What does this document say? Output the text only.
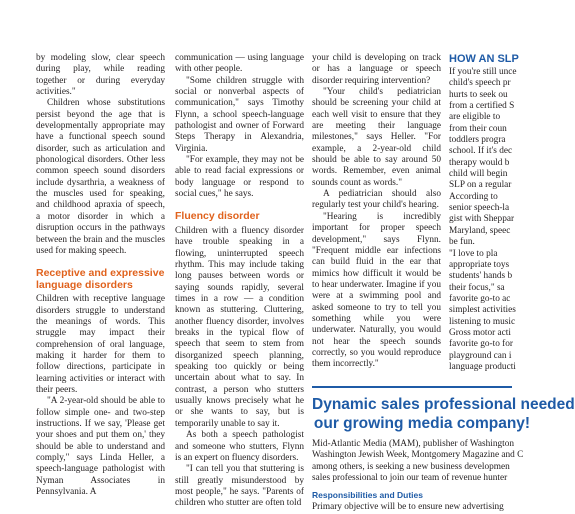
by modeling slow, clear speech during play, while reading together or during everyday activities."

Children whose substitutions persist beyond the age that is developmentally appropriate may have a functional speech sound disorder, such as articulation and phonological disorders. Other less common speech sound disorders include dysarthria, a weakness of the muscles used for speaking, and childhood apraxia of speech, a motor disorder in which a disruption occurs in the pathways between the brain and the muscles used for making speech.

Receptive and expressive language disorders

Children with receptive language disorders struggle to understand the meanings of words. This struggle may impact their comprehension of oral language, making it harder for them to follow directions, participate in learning activities or interact with their peers.

"A 2-year-old should be able to follow simple one- and two-step instructions. If we say, 'Please get your shoes and put them on,' they should be able to understand and comply," says Linda Heller, a speech-language pathologist with Nyman Associates in Pennsylvania. A

communication — using language with other people.

"Some children struggle with social or nonverbal aspects of communication," says Timothy Flynn, a school speech-language pathologist and owner of Forward Steps Therapy in Alexandria, Virginia.

"For example, they may not be able to read facial expressions or body language or respond to social cues," he says.

Fluency disorder

Children with a fluency disorder have trouble speaking in a flowing, uninterrupted speech rhythm. This may include taking long pauses between words or saying sounds rapidly, several times in a row — a condition known as stuttering. Cluttering, another fluency disorder, involves breaks in the typical flow of speech that seem to stem from disorganized speech planning, speaking too quickly or being uncertain about what to say. In contrast, a person who stutters usually knows precisely what he or she wants to say, but is temporarily unable to say it.

As both a speech pathologist and someone who stutters, Flynn is an expert on fluency disorders.

"I can tell you that stuttering is still greatly misunderstood by most people," he says. "Parents of children who stutter are often told

your child is developing on track or has a language or speech disorder requiring intervention?

"Your child's pediatrician should be screening your child at each well visit to ensure that they are meeting their language milestones," says Heller. "For example, a 2-year-old child should be able to say around 50 words. Remember, even animal sounds count as words."

A pediatrician should also regularly test your child's hearing.

"Hearing is incredibly important for proper speech development," says Flynn. "Frequent middle ear infections can build fluid in the ear that mimics how difficult it would be to hear underwater. Imagine if you were at a swimming pool and asked someone to try to tell you something while you were underwater. Naturally, you would not hear the speech sounds correctly, so you would reproduce them incorrectly."

HOW AN SLP

If you're still unce

child's speech pr

hurts to seek ou

from a certified S

are eligible to

from their coun

toddlers progra

school. If it's dec

therapy would b

child will begin

SLP on a regular

According to

senior speech-la

gist with Sheppar

Maryland, speec

be fun.

"I love to pla

appropriate toys

students' hands b

their focus," sa

favorite go-to ac

simplest activities

listening to music

Gross motor acti

favorite go-to for

playground can i

language producti

Dynamic sales professional needed
our growing media company!
Mid-Atlantic Media (MAM), publisher of Washington
Washington Jewish Week, Montgomery Magazine and C
among others, is seeking a new business developmen
sales professional to join our team of revenue hunter
Responsibilities and Duties
Primary objective will be to ensure new advertising
